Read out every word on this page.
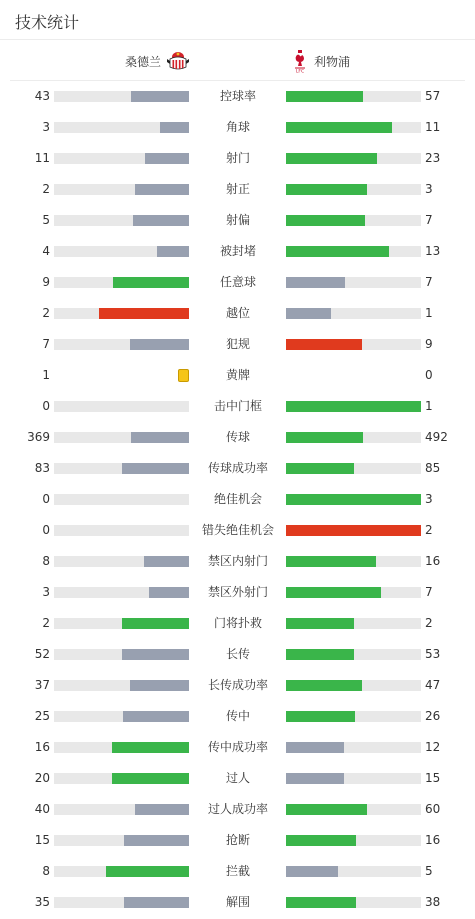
技术统计
桑德兰
LFC
利物浦
43	控球率	57
3	角球	11
11	射门	23
2	射正	3
5	射偏	7
4	被封堵	13
9	任意球	7
2	越位	1
7	犯规	9
1	黄牌	0
0	击中门框	1
369	传球	492
83	传球成功率	85
0	绝佳机会	3
0	错失绝佳机会	2
8	禁区内射门	16
3	禁区外射门	7
2	门将扑救	2
52	长传	53
37	长传成功率	47
25	传中	26
16	传中成功率	12
20	过人	15
40	过人成功率	60
15	抢断	16
8	拦截	5
35	解围	38
